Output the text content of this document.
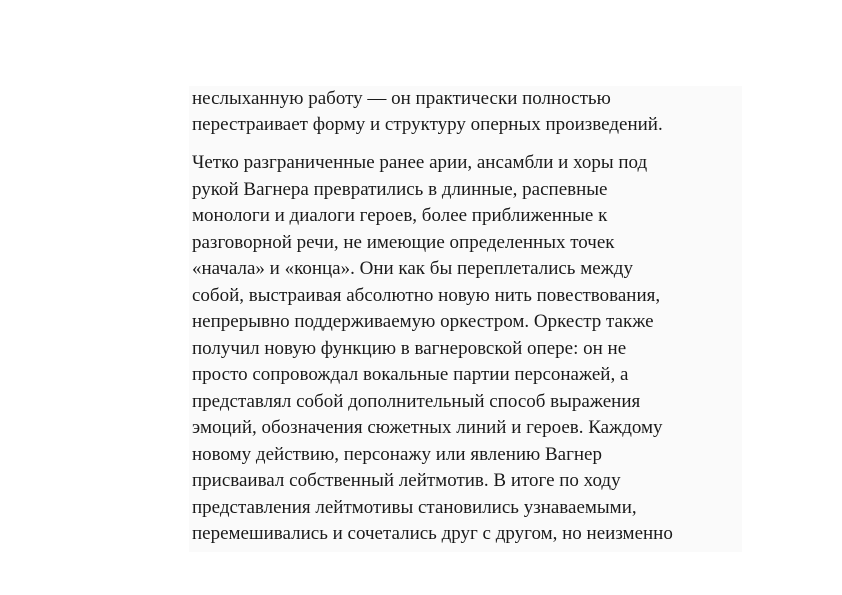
неслыханную работу — он практически полностью
перестраивает форму и структуру оперных произведений.
Четко разграниченные ранее арии, ансамбли и хоры под
рукой Вагнера превратились в длинные, распевные
монологи и диалоги героев, более приближенные к
разговорной речи, не имеющие определенных точек
«начала» и «конца». Они как бы переплетались между
собой, выстраивая абсолютно новую нить повествования,
непрерывно поддерживаемую оркестром. Оркестр также
получил новую функцию в вагнеровской опере: он не
просто сопровождал вокальные партии персонажей, а
представлял собой дополнительный способ выражения
эмоций, обозначения сюжетных линий и героев. Каждому
новому действию, персонажу или явлению Вагнер
присваивал собственный лейтмотив. В итоге по ходу
представления лейтмотивы становились узнаваемыми,
перемешивались и сочетались друг с другом, но неизменно
